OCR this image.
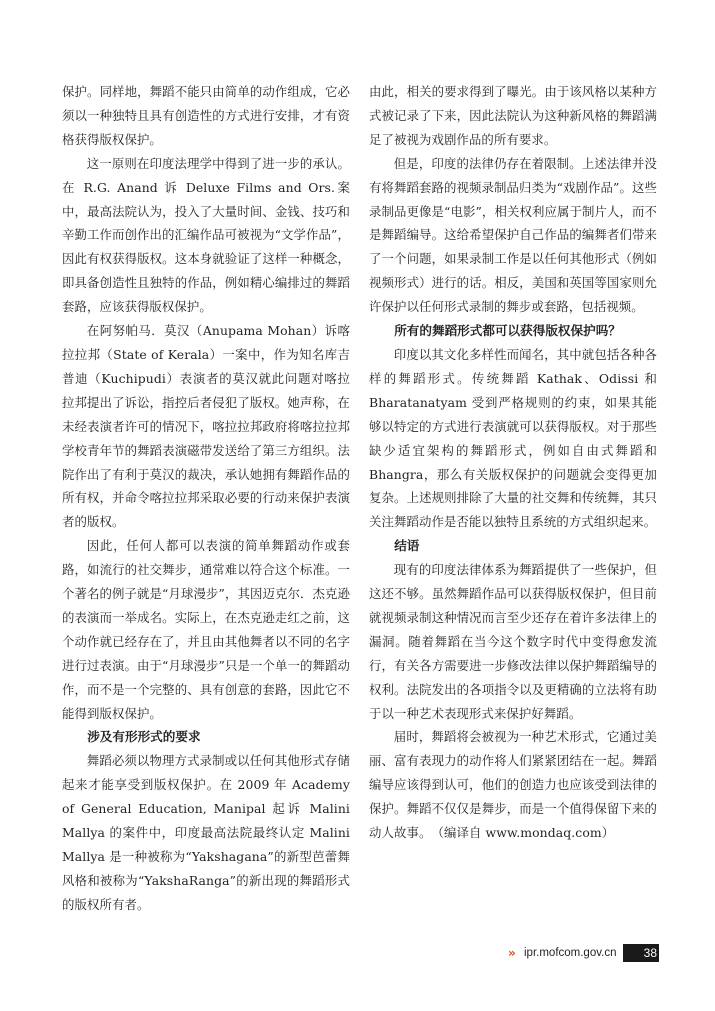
保护。同样地，舞蹈不能只由简单的动作组成，它必须以一种独特且具有创造性的方式进行安排，才有资格获得版权保护。

这一原则在印度法理学中得到了进一步的承认。在 R.G. Anand 诉 Deluxe Films and Ors.案中，最高法院认为，投入了大量时间、金钱、技巧和辛勤工作而创作出的汇编作品可被视为“文学作品”，因此有权获得版权。这本身就验证了这样一种概念，即具备创造性且独特的作品，例如精心编排过的舞蹈套路，应该获得版权保护。

在阿努帕马．莫汉（Anupama Mohan）诉喀拉拉邦（State of Kerala）一案中，作为知名库吉普迪（Kuchipudi）表演者的莫汉就此问题对喀拉拉邦提出了诉讼，指控后者侵犯了版权。她声称，在未经表演者许可的情况下，喀拉拉邦政府将喀拉拉邦学校青年节的舞蹈表演磁带发送给了第三方组织。法院作出了有利于莫汉的裁决，承认她拥有舞蹈作品的所有权，并命令喀拉拉邦采取必要的行动来保护表演者的版权。

因此，任何人都可以表演的简单舞蹈动作或套路，如流行的社交舞步，通常难以符合这个标准。一个著名的例子就是“月球漫步”，其因迈克尔．杰克逊的表演而一举成名。实际上，在杰克逊走红之前，这个动作就已经存在了，并且由其他舞者以不同的名字进行过表演。由于“月球漫步”只是一个单一的舞蹈动作，而不是一个完整的、具有创意的套路，因此它不能得到版权保护。

涉及有形形式的要求

舞蹈必须以物理方式录制或以任何其他形式存储起来才能享受到版权保护。在 2009 年 Academy of General Education, Manipal 起诉 Malini Mallya 的案件中，印度最高法院最终认定 Malini Mallya 是一种被称为“Yakshagana”的新型芭蕾舞风格和被称为“YakshaRanga”的新出现的舞蹈形式的版权所有者。

由此，相关的要求得到了曝光。由于该风格以某种方式被记录了下来，因此法院认为这种新风格的舞蹈满足了被视为戏剧作品的所有要求。

但是，印度的法律仍存在着限制。上述法律并没有将舞蹈套路的视频录制品归类为“戏剧作品”。这些录制品更像是“电影”，相关权利应属于制片人，而不是舞蹈编导。这给希望保护自己作品的编舞者们带来了一个问题，如果录制工作是以任何其他形式（例如视频形式）进行的话。相反，美国和英国等国家则允许保护以任何形式录制的舞步或套路，包括视频。

所有的舞蹈形式都可以获得版权保护吗？

印度以其文化多样性而闻名，其中就包括各种各样的舞蹈形式。传统舞蹈 Kathak、Odissi 和 Bharatanatyam 受到严格规则的约束，如果其能够以特定的方式进行表演就可以获得版权。对于那些缺少适宜架构的舞蹈形式，例如自由式舞蹈和 Bhangra，那么有关版权保护的问题就会变得更加复杂。上述规则排除了大量的社交舞和传统舞，其只关注舞蹈动作是否能以独特且系统的方式组织起来。

结语

现有的印度法律体系为舞蹈提供了一些保护，但这还不够。虽然舞蹈作品可以获得版权保护，但目前就视频录制这种情况而言至少还存在着许多法律上的漏洞。随着舞蹈在当今这个数字时代中变得愈发流行，有关各方需要进一步修改法律以保护舞蹈编导的权利。法院发出的各项指令以及更精确的立法将有助于以一种艺术表现形式来保护好舞蹈。

届时，舞蹈将会被视为一种艺术形式，它通过美丽、富有表现力的动作将人们紧紧团结在一起。舞蹈编导应该得到认可，他们的创造力也应该受到法律的保护。舞蹈不仅仅是舞步，而是一个值得保留下来的动人故事。　（编译自 www.mondaq.com）

» ipr.mofcom.gov.cn	38
